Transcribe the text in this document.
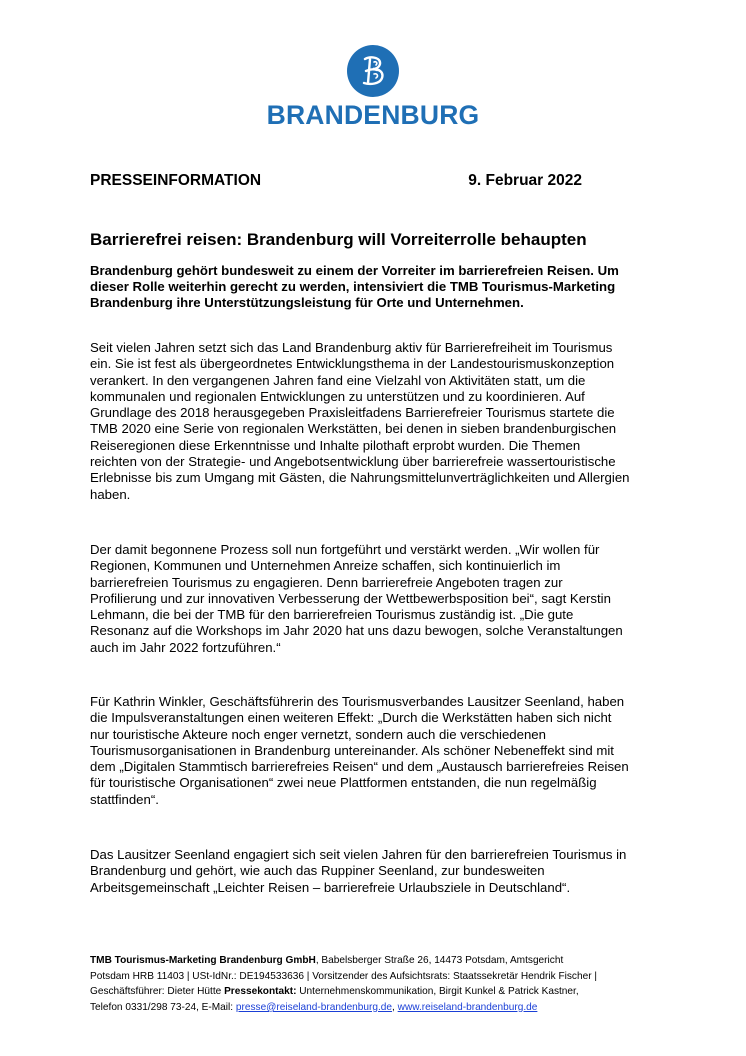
BRANDENBURG
PRESSEINFORMATION	9. Februar 2022
Barrierefrei reisen: Brandenburg will Vorreiterrolle behaupten
Brandenburg gehört bundesweit zu einem der Vorreiter im barrierefreien Reisen. Um dieser Rolle weiterhin gerecht zu werden, intensiviert die TMB Tourismus-Marketing Brandenburg ihre Unterstützungsleistung für Orte und Unternehmen.
Seit vielen Jahren setzt sich das Land Brandenburg aktiv für Barrierefreiheit im Tourismus ein. Sie ist fest als übergeordnetes Entwicklungsthema in der Landestourismuskonzeption verankert. In den vergangenen Jahren fand eine Vielzahl von Aktivitäten statt, um die kommunalen und regionalen Entwicklungen zu unterstützen und zu koordinieren. Auf Grundlage des 2018 herausgegeben Praxisleitfadens Barrierefreier Tourismus startete die TMB 2020 eine Serie von regionalen Werkstätten, bei denen in sieben brandenburgischen Reiseregionen diese Erkenntnisse und Inhalte pilothaft erprobt wurden. Die Themen reichten von der Strategie- und Angebotsentwicklung über barrierefreie wassertouristische Erlebnisse bis zum Umgang mit Gästen, die Nahrungsmittelunverträglichkeiten und Allergien haben.
Der damit begonnene Prozess soll nun fortgeführt und verstärkt werden. „Wir wollen für Regionen, Kommunen und Unternehmen Anreize schaffen, sich kontinuierlich im barrierefreien Tourismus zu engagieren. Denn barrierefreie Angeboten tragen zur Profilierung und zur innovativen Verbesserung der Wettbewerbsposition bei“, sagt Kerstin Lehmann, die bei der TMB für den barrierefreien Tourismus zuständig ist. „Die gute Resonanz auf die Workshops im Jahr 2020 hat uns dazu bewogen, solche Veranstaltungen auch im Jahr 2022 fortzuführen.“
Für Kathrin Winkler, Geschäftsführerin des Tourismusverbandes Lausitzer Seenland, haben die Impulsveranstaltungen einen weiteren Effekt: „Durch die Werkstätten haben sich nicht nur touristische Akteure noch enger vernetzt, sondern auch die verschiedenen Tourismusorganisationen in Brandenburg untereinander. Als schöner Nebeneffekt sind mit dem „Digitalen Stammtisch barrierefreies Reisen“ und dem „Austausch barrierefreies Reisen für touristische Organisationen“ zwei neue Plattformen entstanden, die nun regelmäßig stattfinden“.
Das Lausitzer Seenland engagiert sich seit vielen Jahren für den barrierefreien Tourismus in Brandenburg und gehört, wie auch das Ruppiner Seenland, zur bundesweiten Arbeitsgemeinschaft „Leichter Reisen – barrierefreie Urlaubsziele in Deutschland“.
TMB Tourismus-Marketing Brandenburg GmbH, Babelsberger Straße 26, 14473 Potsdam, Amtsgericht Potsdam HRB 11403 | USt-IdNr.: DE194533636 | Vorsitzender des Aufsichtsrats: Staatssekretär Hendrik Fischer | Geschäftsführer: Dieter Hütte Pressekontakt: Unternehmenskommunikation, Birgit Kunkel & Patrick Kastner, Telefon 0331/298 73-24, E-Mail: presse@reiseland-brandenburg.de, www.reiseland-brandenburg.de
